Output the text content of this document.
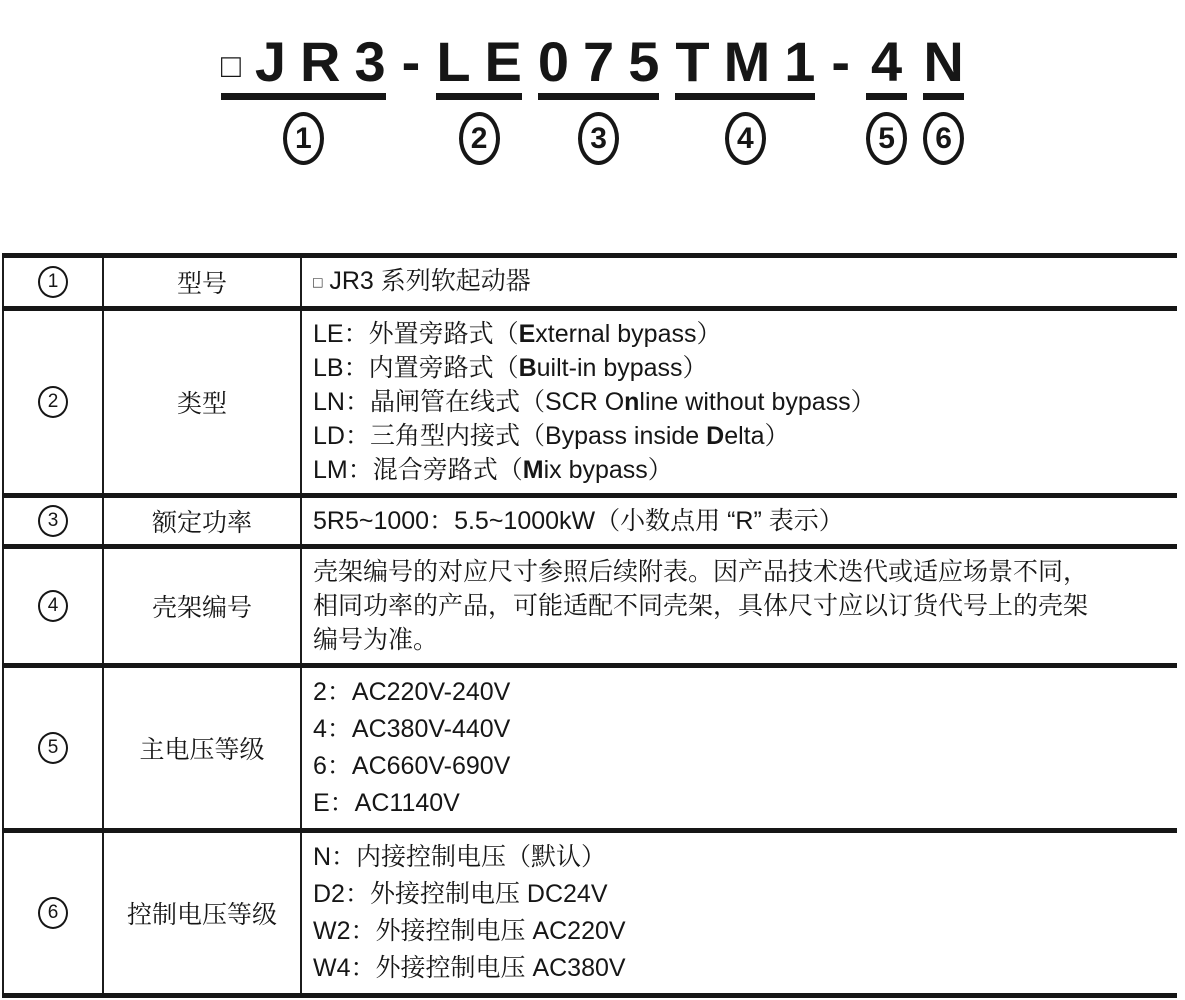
□ J R 3
1
- L E
2
0 7 5
3
T M 1
4
- 4
5
N
6
1	型号	□ JR3 系列软起动器

2	类型	LE：外置旁路式（External bypass）
LB：内置旁路式（Built-in bypass）
LN：晶闸管在线式（SCR Online without bypass）
LD：三角型内接式（Bypass inside Delta）
LM：混合旁路式（Mix bypass）

3	额定功率	5R5~1000：5.5~1000kW（小数点用 “R” 表示）

4	壳架编号	壳架编号的对应尺寸参照后续附表。因产品技术迭代或适应场景不同，
相同功率的产品，可能适配不同壳架，具体尺寸应以订货代号上的壳架
编号为准。

5	主电压等级	2：AC220V-240V
4：AC380V-440V
6：AC660V-690V
E：AC1140V

6	控制电压等级	N：内接控制电压（默认）
D2：外接控制电压 DC24V
W2：外接控制电压 AC220V
W4：外接控制电压 AC380V
